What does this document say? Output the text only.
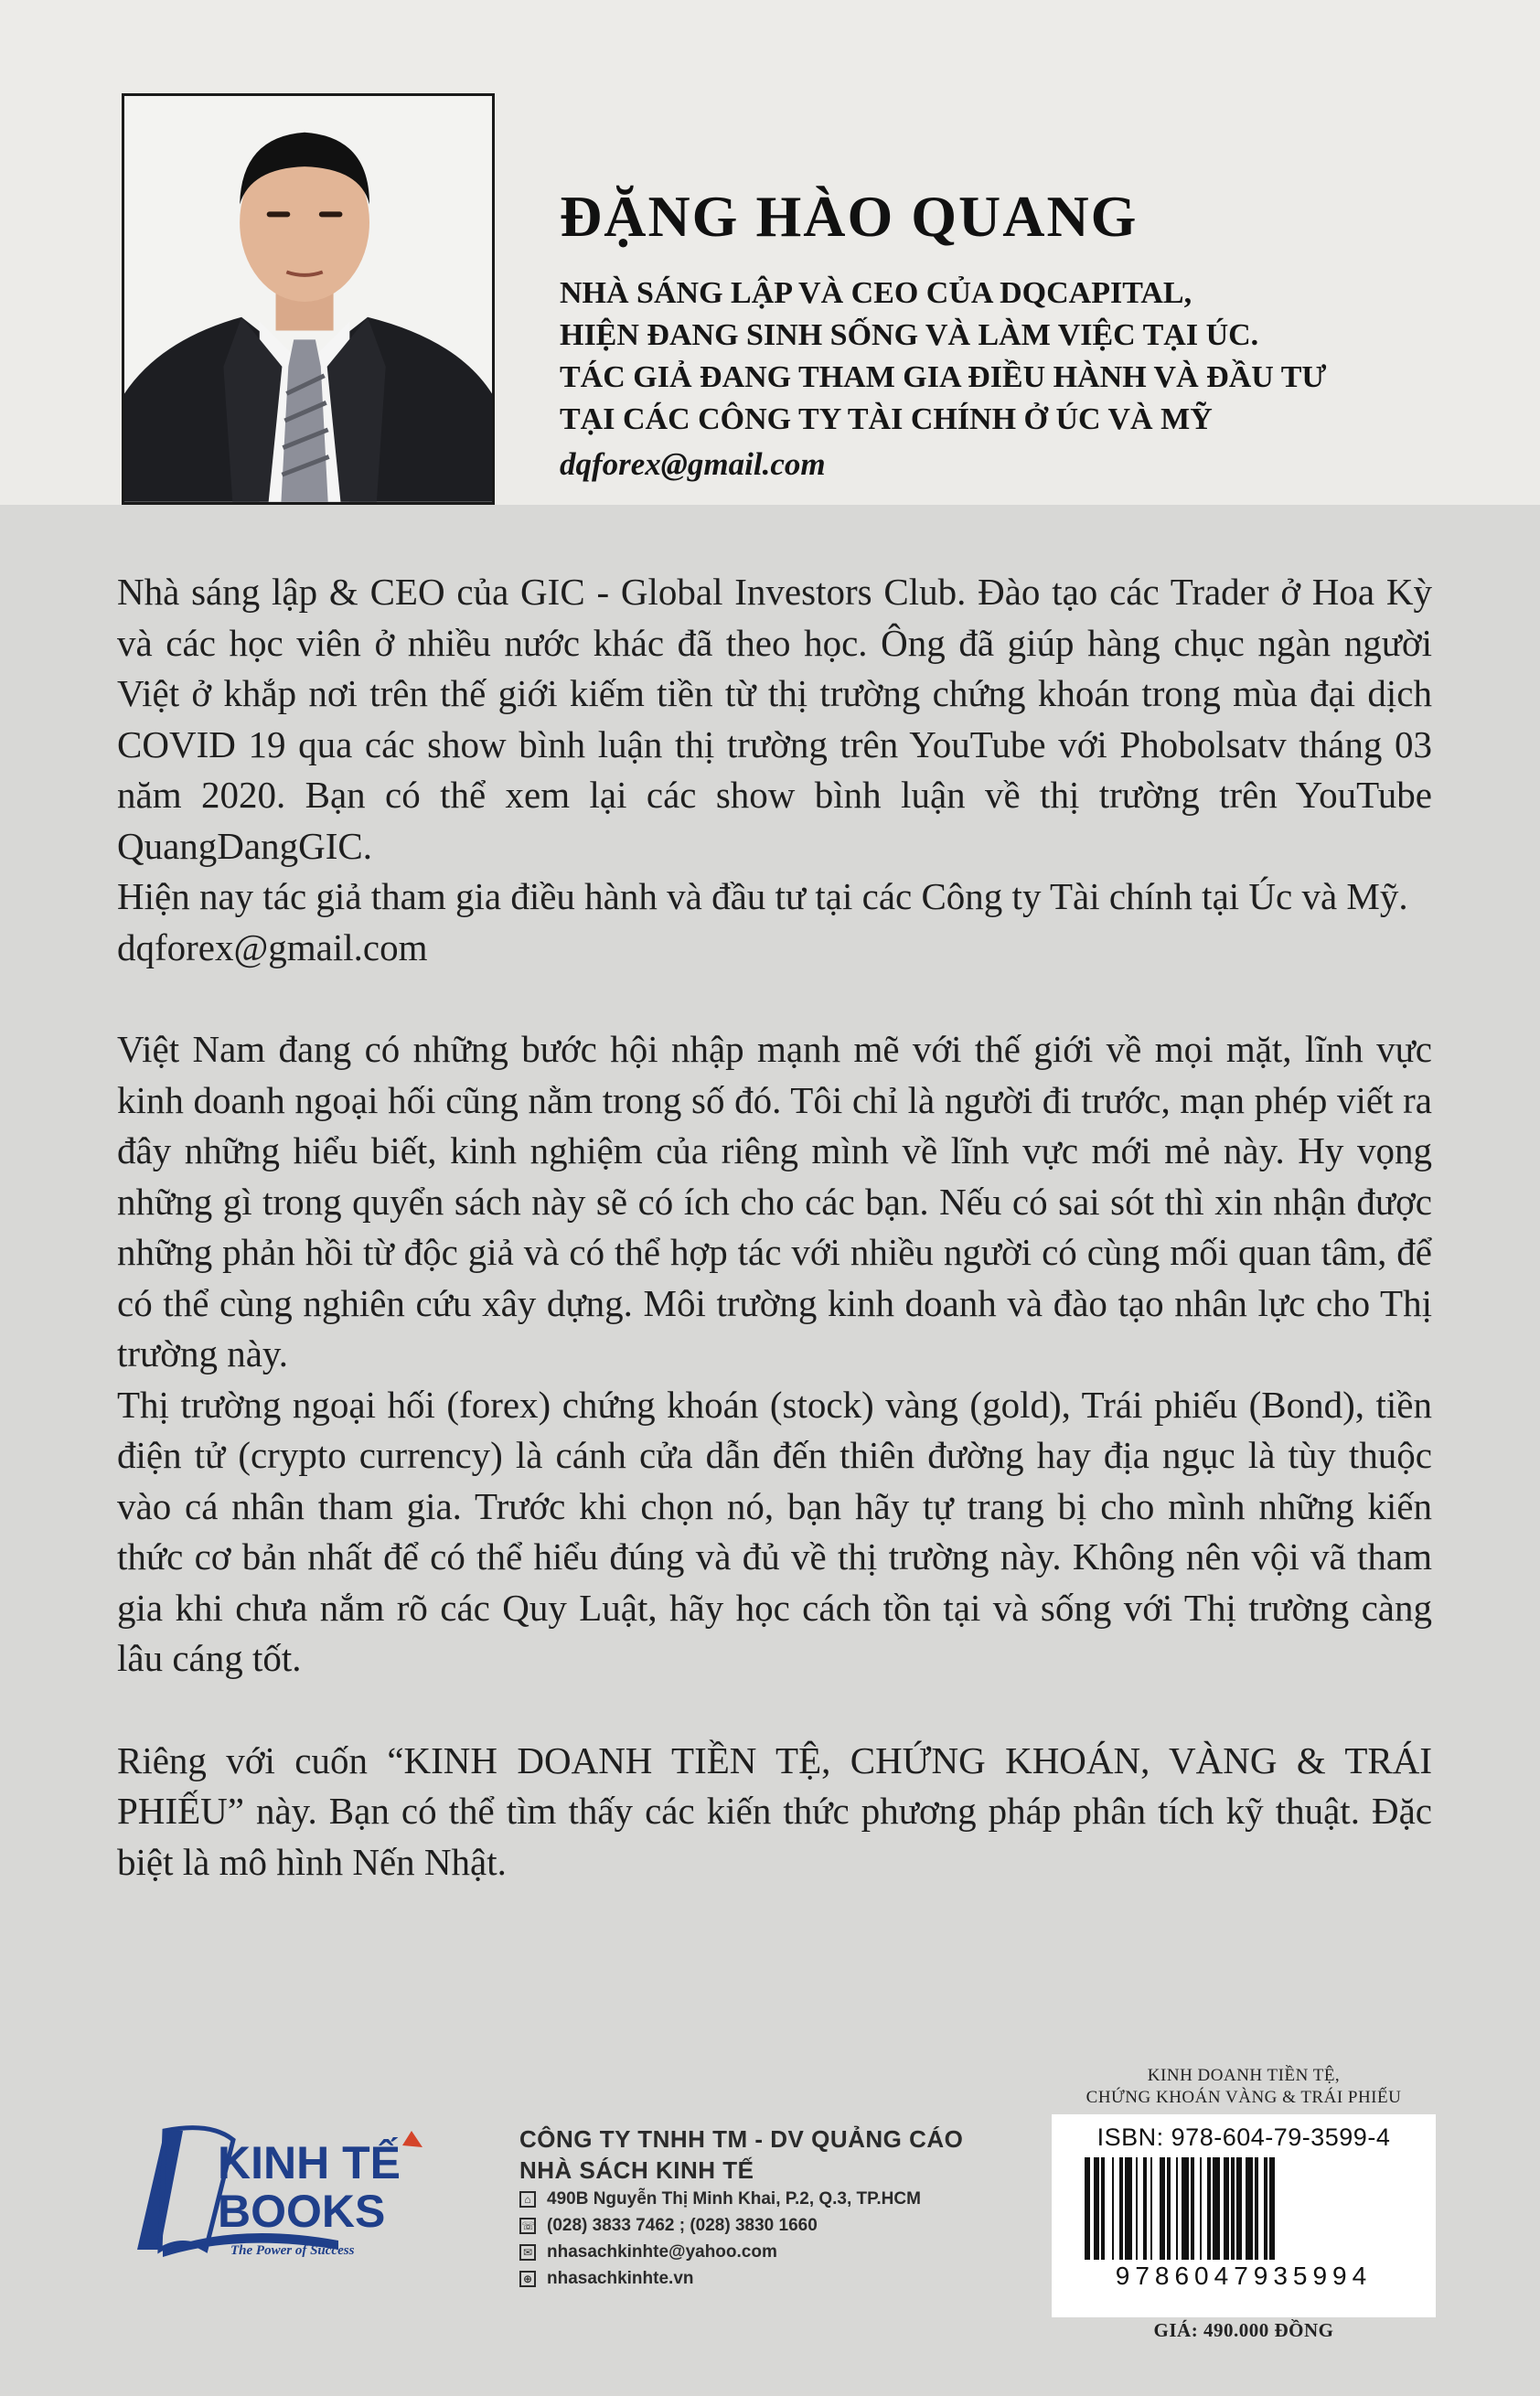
ĐẶNG HÀO QUANG
NHÀ SÁNG LẬP VÀ CEO CỦA DQCAPITAL,
HIỆN ĐANG SINH SỐNG VÀ LÀM VIỆC TẠI ÚC.
TÁC GIẢ ĐANG THAM GIA ĐIỀU HÀNH VÀ ĐẦU TƯ
TẠI CÁC CÔNG TY TÀI CHÍNH Ở ÚC VÀ MỸ
dqforex@gmail.com

Nhà sáng lập & CEO của GIC - Global Investors Club. Đào tạo các Trader ở Hoa Kỳ và các học viên ở nhiều nước khác đã theo học. Ông đã giúp hàng chục ngàn người Việt ở khắp nơi trên thế giới kiếm tiền từ thị trường chứng khoán trong mùa đại dịch COVID 19 qua các show bình luận thị trường trên YouTube với Phobolsatv tháng 03 năm 2020. Bạn có thể xem lại các show bình luận về thị trường trên YouTube QuangDangGIC.

Hiện nay tác giả tham gia điều hành và đầu tư tại các Công ty Tài chính tại Úc và Mỹ.

dqforex@gmail.com

Việt Nam đang có những bước hội nhập mạnh mẽ với thế giới về mọi mặt, lĩnh vực kinh doanh ngoại hối cũng nằm trong số đó. Tôi chỉ là người đi trước, mạn phép viết ra đây những hiểu biết, kinh nghiệm của riêng mình về lĩnh vực mới mẻ này. Hy vọng những gì trong quyển sách này sẽ có ích cho các bạn. Nếu có sai sót thì xin nhận được những phản hồi từ độc giả và có thể hợp tác với nhiều người có cùng mối quan tâm, để có thể cùng nghiên cứu xây dựng. Môi trường kinh doanh và đào tạo nhân lực cho Thị trường này.

Thị trường ngoại hối (forex) chứng khoán (stock) vàng (gold), Trái phiếu (Bond), tiền điện tử (crypto currency) là cánh cửa dẫn đến thiên đường hay địa ngục là tùy thuộc vào cá nhân tham gia. Trước khi chọn nó, bạn hãy tự trang bị cho mình những kiến thức cơ bản nhất để có thể hiểu đúng và đủ về thị trường này. Không nên vội vã tham gia khi chưa nắm rõ các Quy Luật, hãy học cách tồn tại và sống với Thị trường càng lâu cáng tốt.

Riêng với cuốn “KINH DOANH TIỀN TỆ, CHỨNG KHOÁN, VÀNG & TRÁI PHIẾU” này. Bạn có thể tìm thấy các kiến thức phương pháp phân tích kỹ thuật. Đặc biệt là mô hình Nến Nhật.

KINH TẾ
BOOKS
The Power of Success
CÔNG TY TNHH TM - DV QUẢNG CÁO
NHÀ SÁCH KINH TẾ
⌂ 490B Nguyễn Thị Minh Khai, P.2, Q.3, TP.HCM
☏ (028) 3833 7462 ; (028) 3830 1660
✉ nhasachkinhte@yahoo.com
⊕ nhasachkinhte.vn
KINH DOANH TIỀN TỆ,
CHỨNG KHOÁN VÀNG & TRÁI PHIẾU
ISBN: 978-604-79-3599-4
9786047935994
GIÁ: 490.000 ĐỒNG
